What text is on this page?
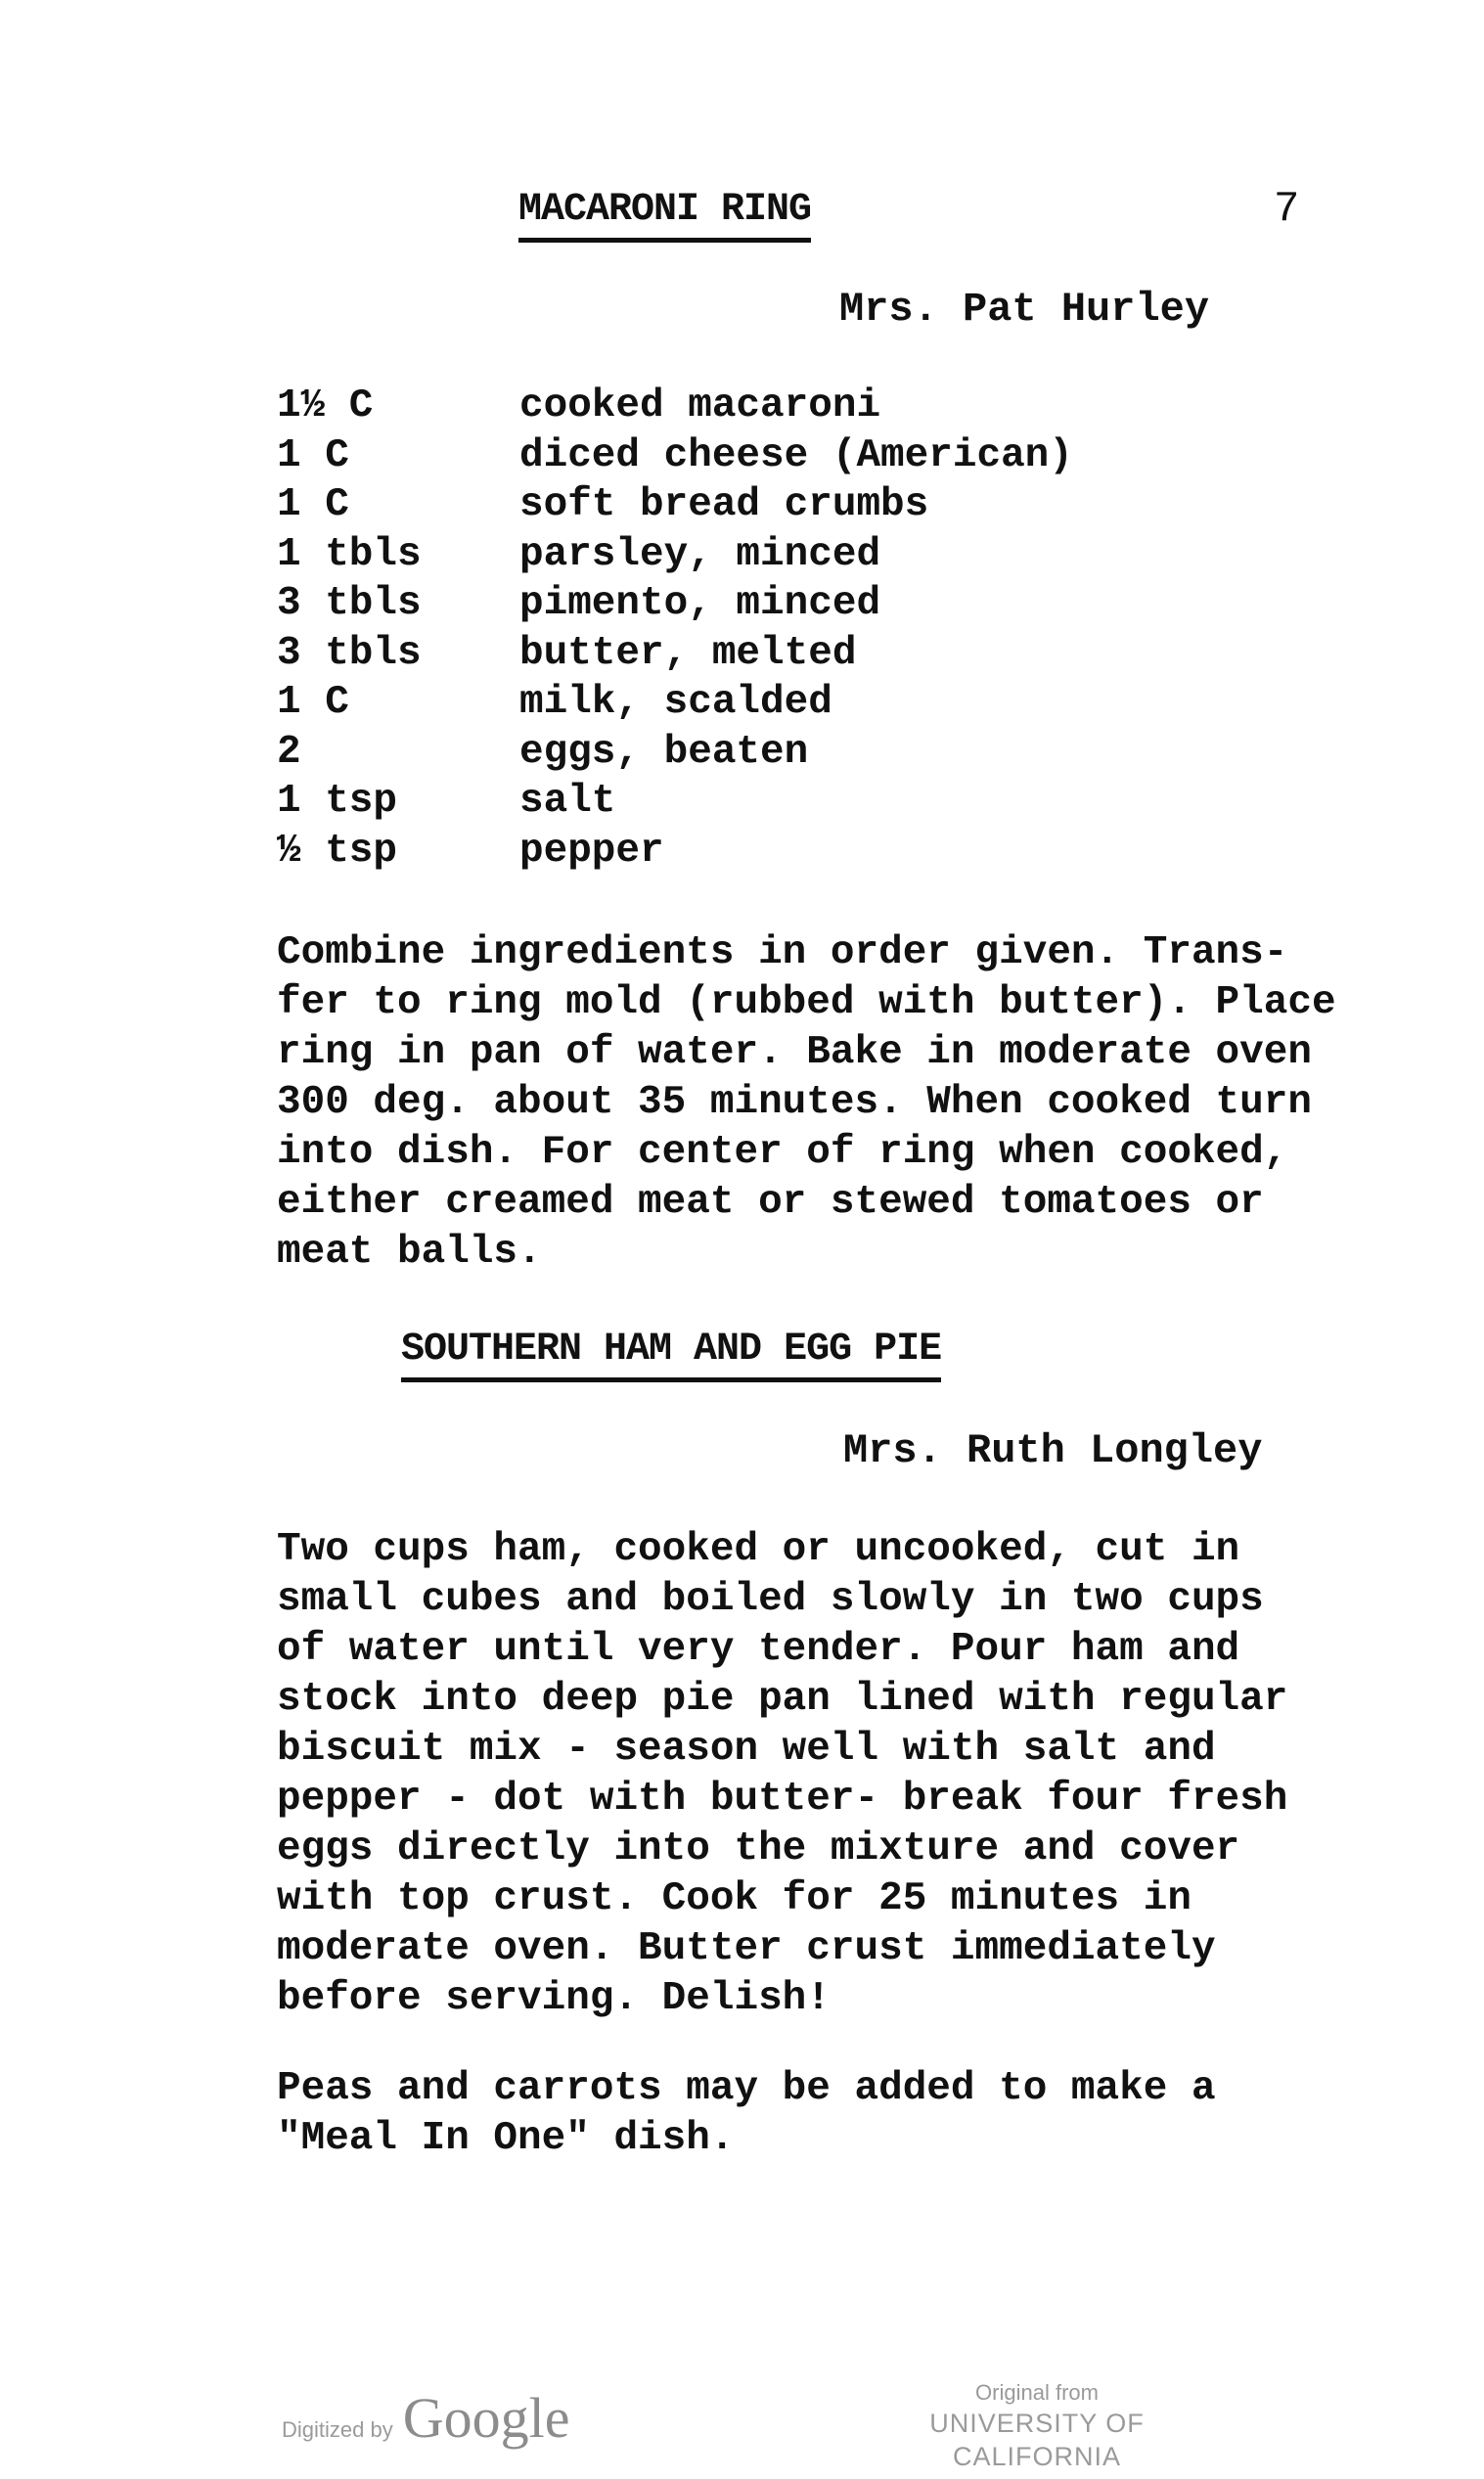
MACARONI RING	7
Mrs. Pat Hurley
1½ C	cooked macaroni
1 C	diced cheese (American)
1 C	soft bread crumbs
1 tbls	parsley, minced
3 tbls	pimento, minced
3 tbls	butter, melted
1 C	milk, scalded
2	eggs, beaten
1 tsp	salt
½ tsp	pepper

Combine ingredients in order given. Trans-
fer to ring mold (rubbed with butter). Place
ring in pan of water. Bake in moderate oven
300 deg. about 35 minutes. When cooked turn
into dish. For center of ring when cooked,
either creamed meat or stewed tomatoes or
meat balls.

SOUTHERN HAM AND EGG PIE
Mrs. Ruth Longley

Two cups ham, cooked or uncooked, cut in
small cubes and boiled slowly in two cups
of water until very tender. Pour ham and
stock into deep pie pan lined with regular
biscuit mix - season well with salt and
pepper - dot with butter- break four fresh
eggs directly into the mixture and cover
with top crust. Cook for 25 minutes in
moderate oven. Butter crust immediately
before serving. Delish!

Peas and carrots may be added to make a
"Meal In One" dish.

Digitized by Google	Original from
UNIVERSITY OF CALIFORNIA
